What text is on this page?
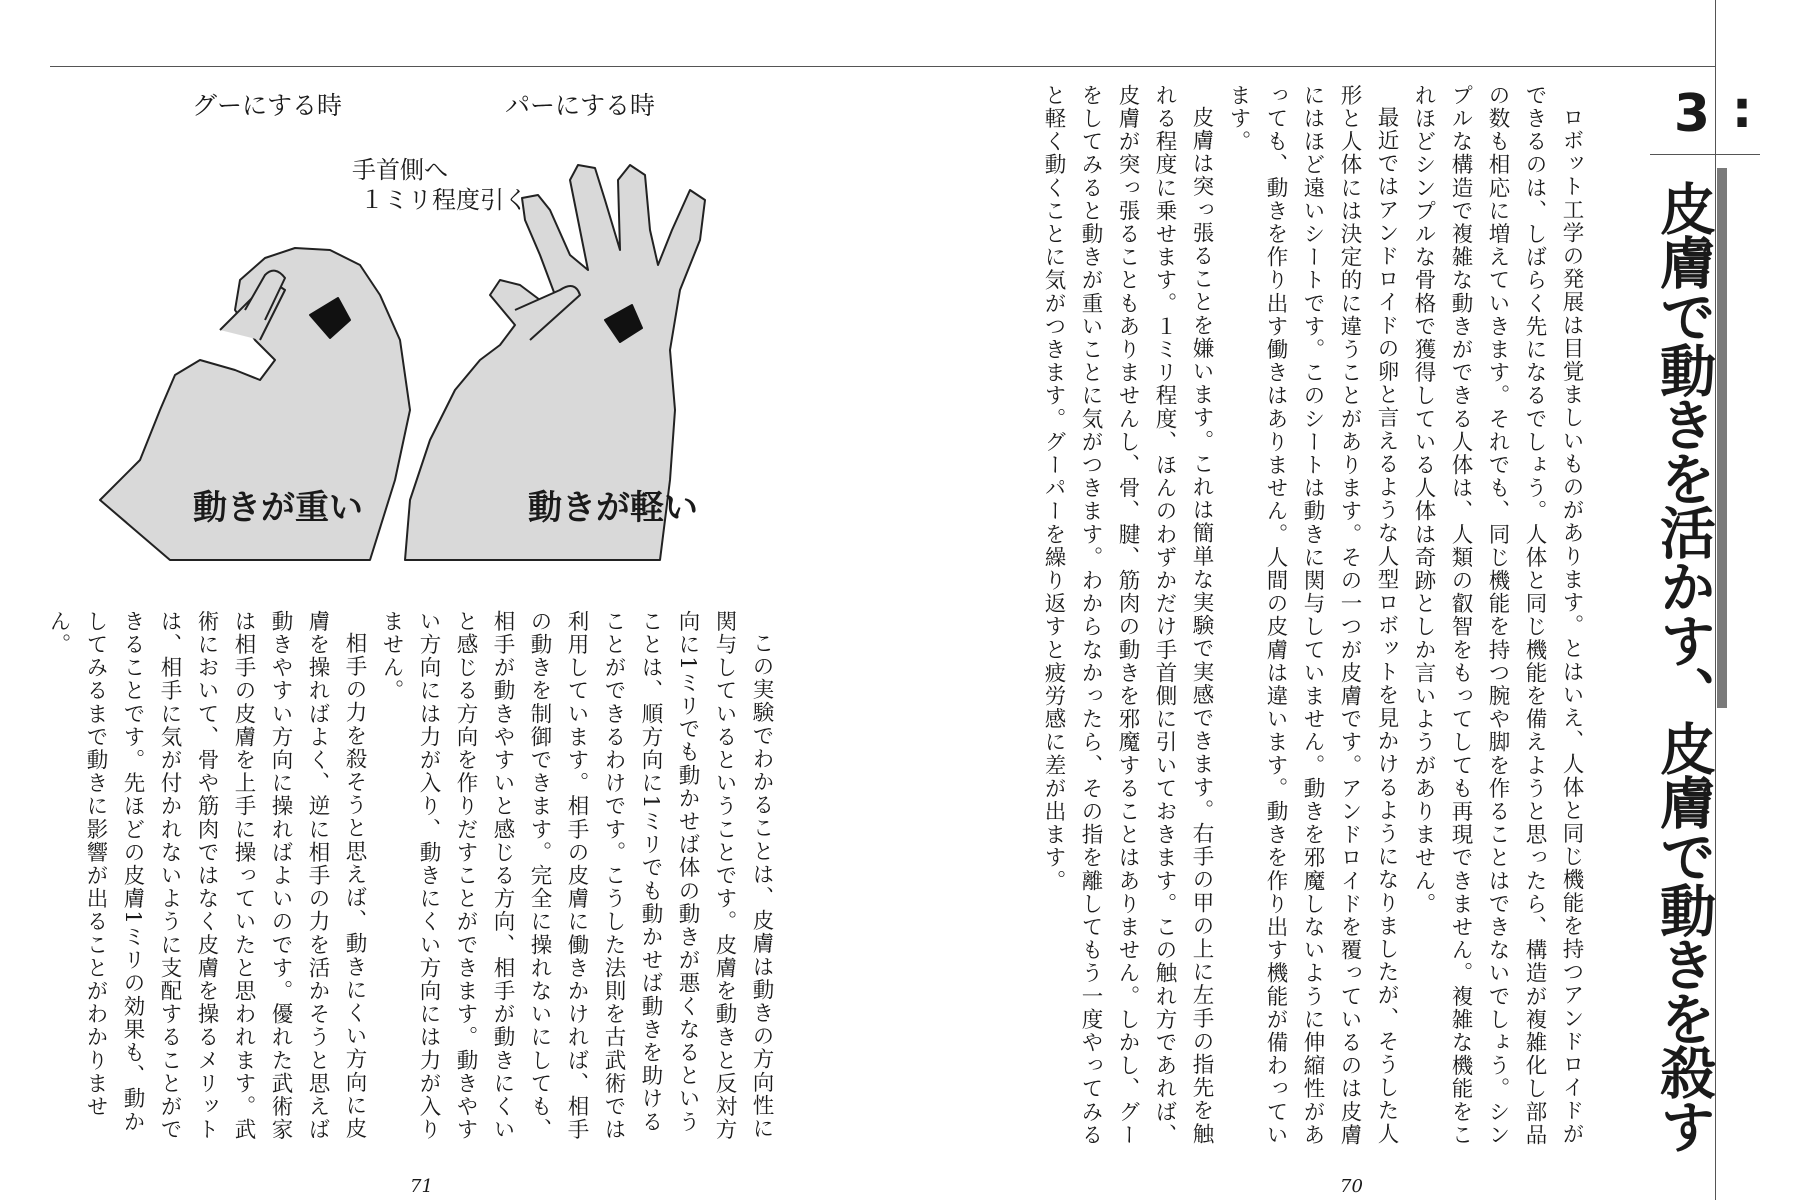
3 :
皮膚で動きを活かす、皮膚で動きを殺す

ロボット工学の発展は目覚ましいものがあります。とはいえ、人体と同じ機能を持つアンドロイドができるのは、しばらく先になるでしょう。人体と同じ機能を備えようと思ったら、構造が複雑化し部品の数も相応に増えていきます。それでも、同じ機能を持つ腕や脚を作ることはできないでしょう。シンプルな構造で複雑な動きができる人体は、人類の叡智をもってしても再現できません。複雑な機能をこれほどシンプルな骨格で獲得している人体は奇跡としか言いようがありません。

最近ではアンドロイドの卵と言えるような人型ロボットを見かけるようになりましたが、そうした人形と人体には決定的に違うことがあります。その一つが皮膚です。アンドロイドを覆っているのは皮膚にはほど遠いシートです。このシートは動きに関与していません。動きを邪魔しないように伸縮性があっても、動きを作り出す働きはありません。人間の皮膚は違います。動きを作り出す機能が備わっています。

皮膚は突っ張ることを嫌います。これは簡単な実験で実感できます。右手の甲の上に左手の指先を触れる程度に乗せます。１ミリ程度、ほんのわずかだけ手首側に引いておきます。この触れ方であれば、皮膚が突っ張ることもありませんし、骨、腱、筋肉の動きを邪魔することはありません。しかし、グーをしてみると動きが重いことに気がつきます。わからなかったら、その指を離してもう一度やってみると軽く動くことに気がつきます。グーパーを繰り返すと疲労感に差が出ます。

この実験でわかることは、皮膚は動きの方向性に関与しているということです。皮膚を動きと反対方向に1ミリでも動かせば体の動きが悪くなるということは、順方向に1ミリでも動かせば動きを助けることができるわけです。こうした法則を古武術では利用しています。相手の皮膚に働きかければ、相手の動きを制御できます。完全に操れないにしても、相手が動きやすいと感じる方向、相手が動きにくいと感じる方向を作りだすことができます。動きやすい方向には力が入り、動きにくい方向には力が入りません。

相手の力を殺そうと思えば、動きにくい方向に皮膚を操ればよく、逆に相手の力を活かそうと思えば動きやすい方向に操ればよいのです。優れた武術家は相手の皮膚を上手に操っていたと思われます。武術において、骨や筋肉ではなく皮膚を操るメリットは、相手に気が付かれないように支配することができることです。先ほどの皮膚1ミリの効果も、動かしてみるまで動きに影響が出ることがわかりません。

グーにする時	パーにする時
手首側へ
１ミリ程度引く
動きが重い	動きが軽い
71	70
